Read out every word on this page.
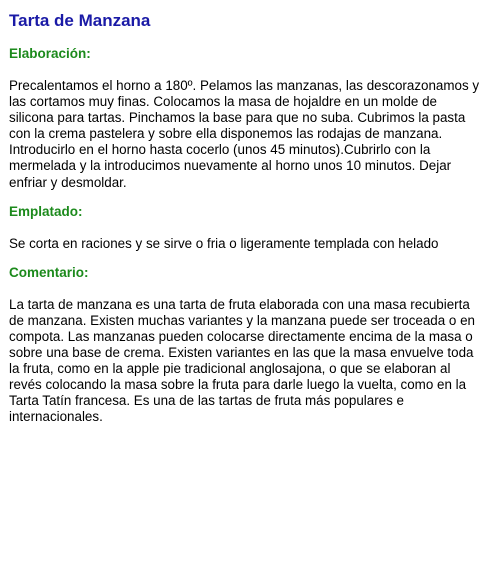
Tarta de Manzana
Elaboración:

Precalentamos el horno a 180º. Pelamos las manzanas, las descorazonamos y las cortamos muy finas. Colocamos la masa de hojaldre en un molde de silicona para tartas. Pinchamos la base para que no suba. Cubrimos la pasta con la crema pastelera y sobre ella disponemos las rodajas de manzana. Introducirlo en el horno hasta cocerlo (unos 45 minutos).Cubrirlo con la mermelada y la introducimos nuevamente al horno unos 10 minutos. Dejar enfriar y desmoldar.

Emplatado:

Se corta en raciones y se sirve o fria o ligeramente templada con helado

Comentario:

La tarta de manzana es una tarta de fruta elaborada con una masa recubierta de manzana. Existen muchas variantes y la manzana puede ser troceada o en compota. Las manzanas pueden colocarse directamente encima de la masa o sobre una base de crema. Existen variantes en las que la masa envuelve toda la fruta, como en la apple pie tradicional anglosajona, o que se elaboran al revés colocando la masa sobre la fruta para darle luego la vuelta, como en la Tarta Tatín francesa. Es una de las tartas de fruta más populares e internacionales.
